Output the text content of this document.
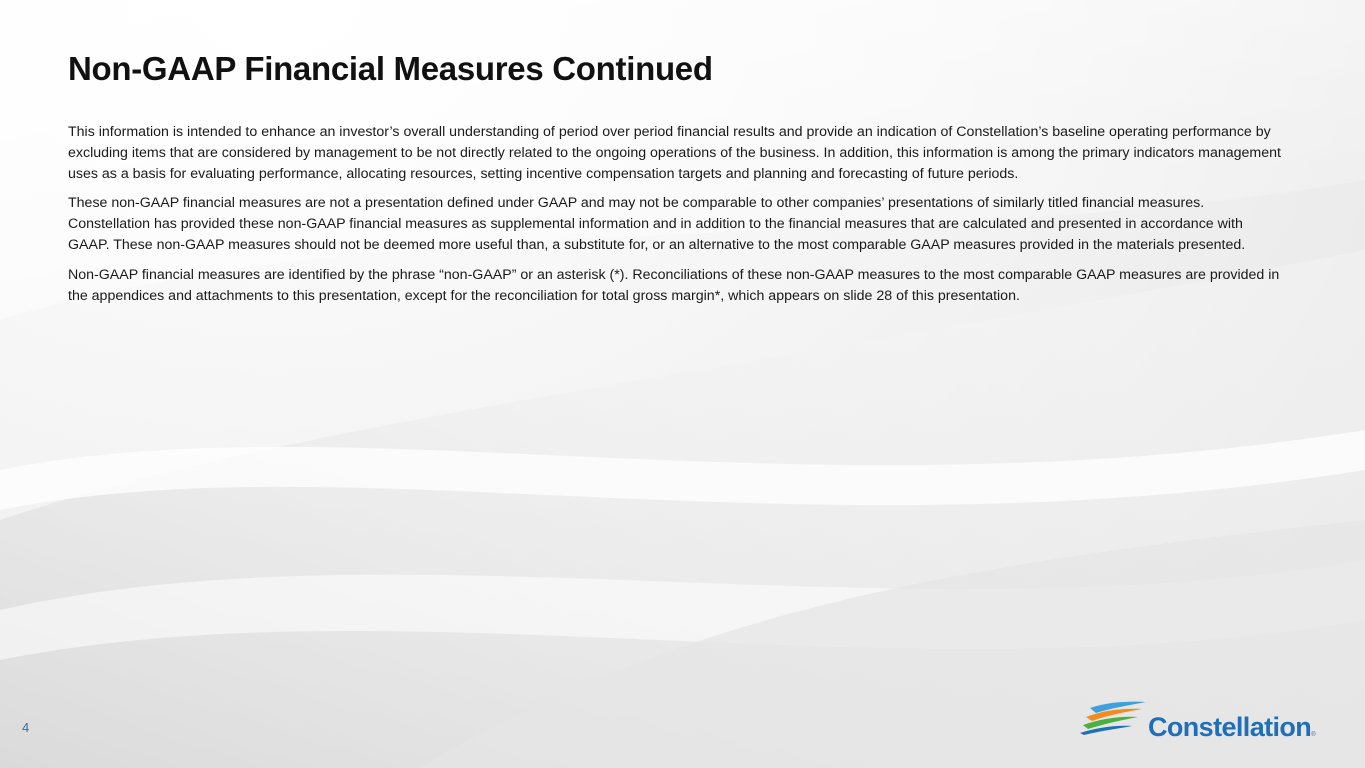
Non-GAAP Financial Measures Continued

This information is intended to enhance an investor’s overall understanding of period over period financial results and provide an indication of Constellation’s baseline operating performance by excluding items that are considered by management to be not directly related to the ongoing operations of the business. In addition, this information is among the primary indicators management uses as a basis for evaluating performance, allocating resources, setting incentive compensation targets and planning and forecasting of future periods.

These non-GAAP financial measures are not a presentation defined under GAAP and may not be comparable to other companies’ presentations of similarly titled financial measures. Constellation has provided these non-GAAP financial measures as supplemental information and in addition to the financial measures that are calculated and presented in accordance with GAAP. These non-GAAP measures should not be deemed more useful than, a substitute for, or an alternative to the most comparable GAAP measures provided in the materials presented.

Non-GAAP financial measures are identified by the phrase “non-GAAP” or an asterisk (*). Reconciliations of these non-GAAP measures to the most comparable GAAP measures are provided in the appendices and attachments to this presentation, except for the reconciliation for total gross margin*, which appears on slide 28 of this presentation.

4	Constellation®
